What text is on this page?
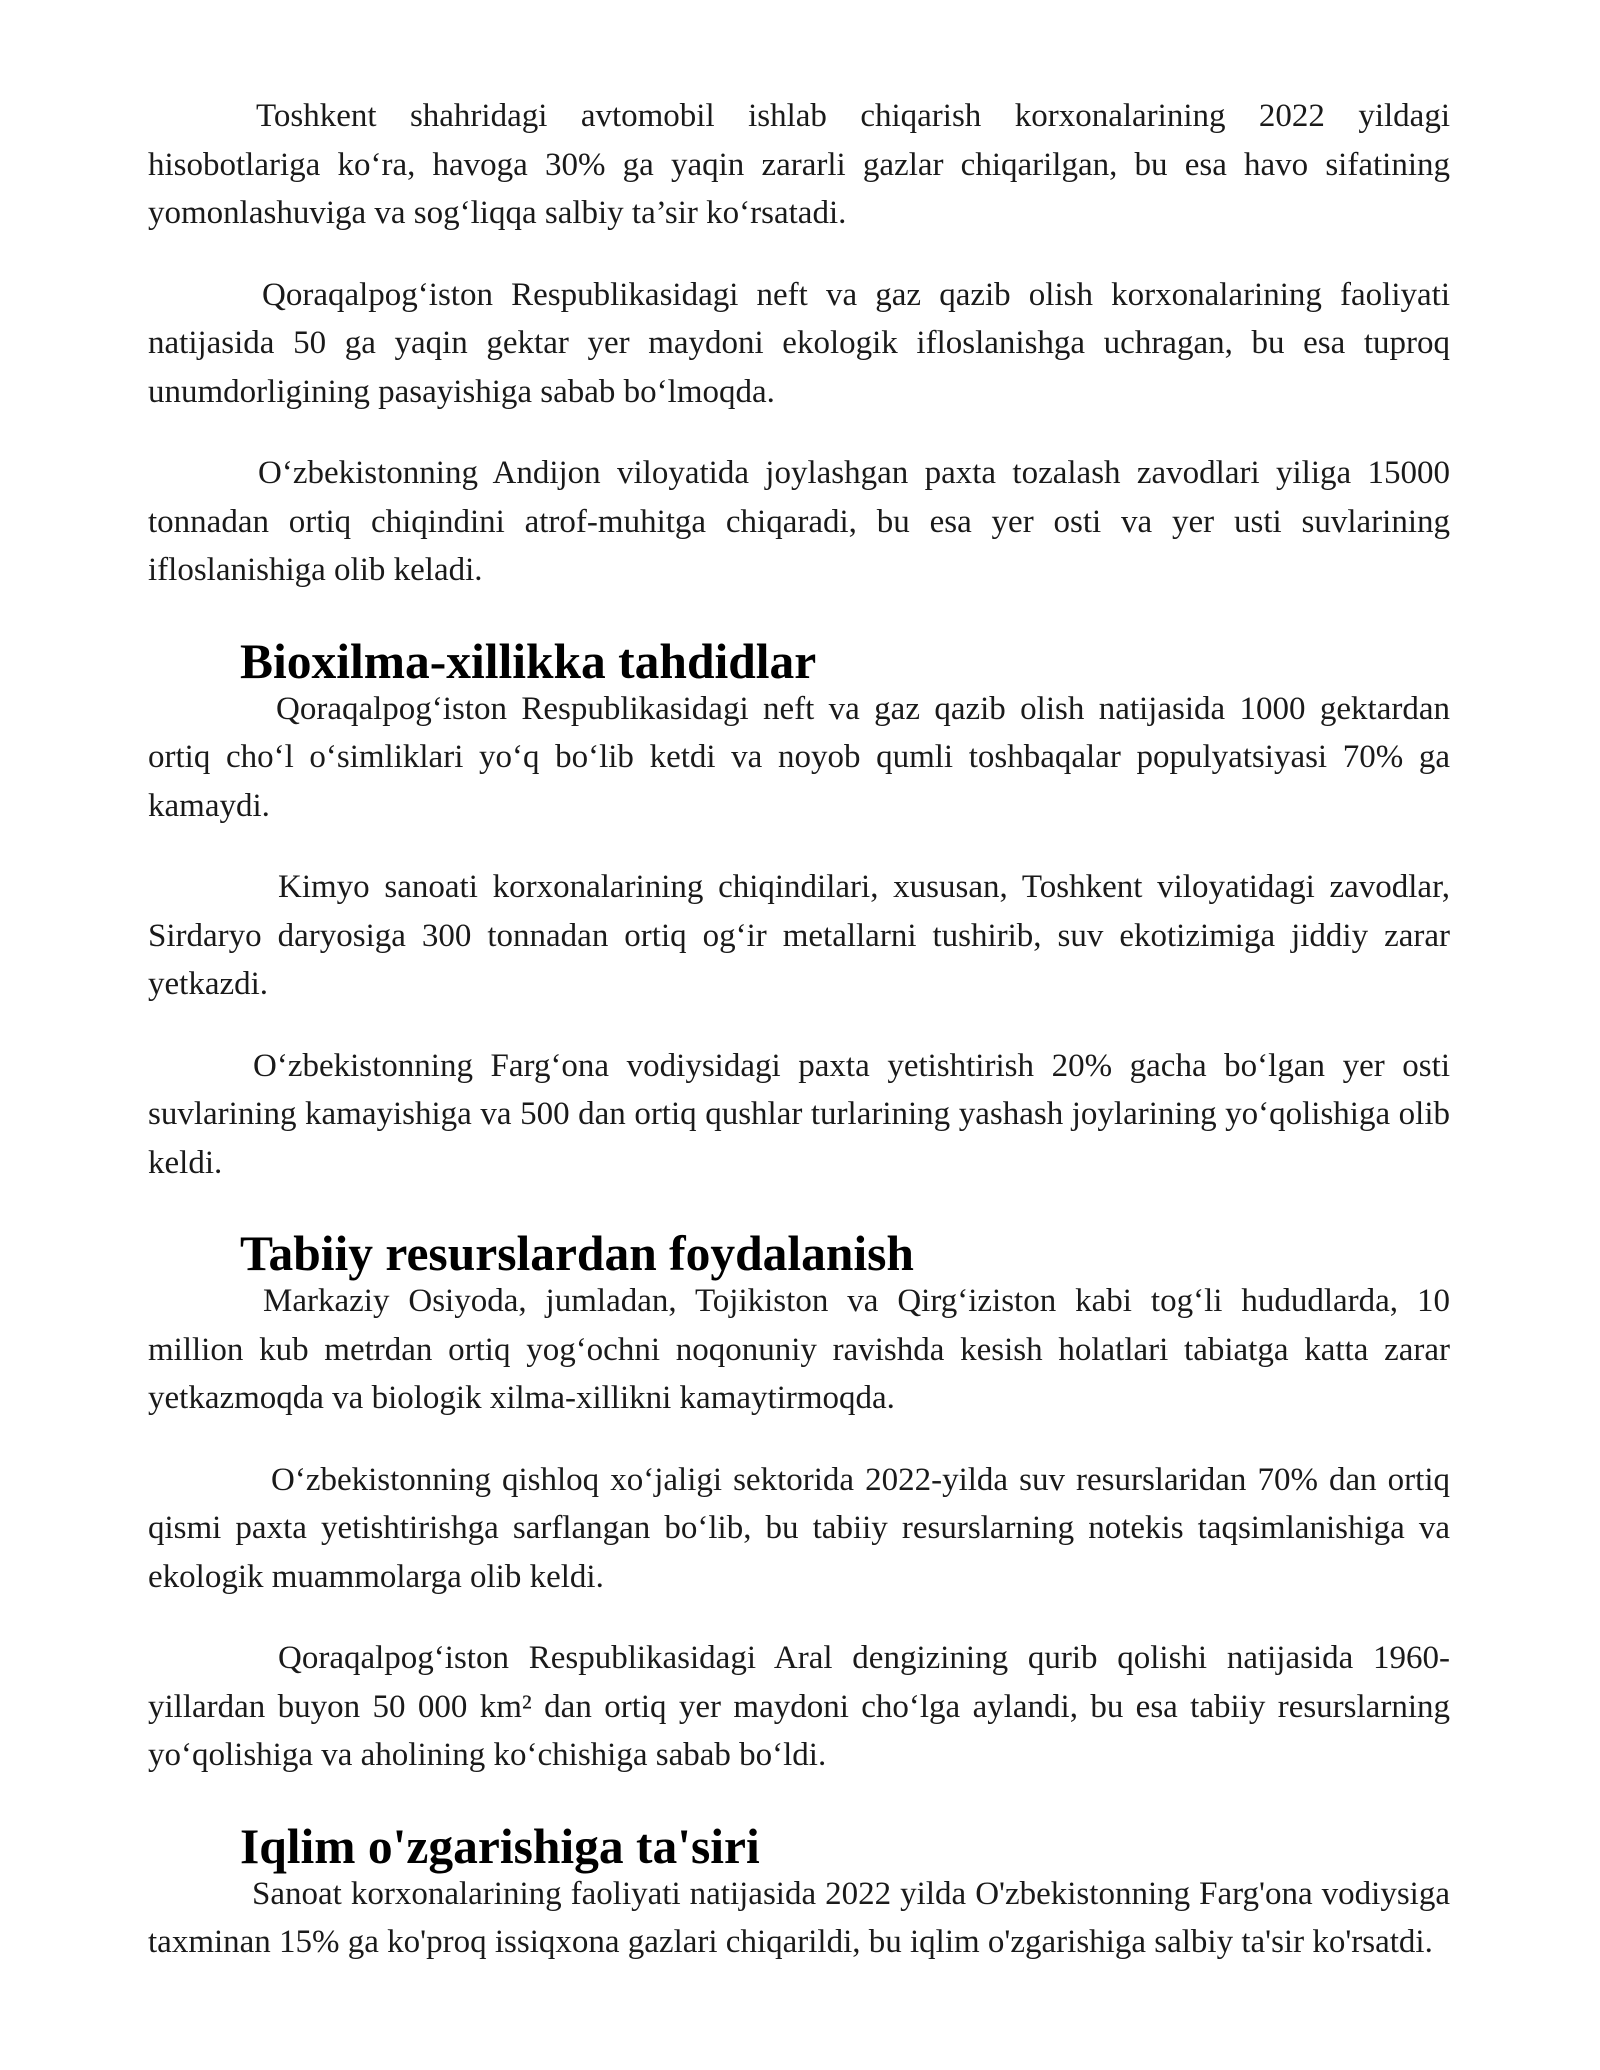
Toshkent shahridagi avtomobil ishlab chiqarish korxonalarining 2022 yildagi hisobotlariga ko‘ra, havoga 30% ga yaqin zararli gazlar chiqarilgan, bu esa havo sifatining yomonlashuviga va sog‘liqqa salbiy ta’sir ko‘rsatadi.

Qoraqalpog‘iston Respublikasidagi neft va gaz qazib olish korxonalarining faoliyati natijasida 50 ga yaqin gektar yer maydoni ekologik ifloslanishga uchragan, bu esa tuproq unumdorligining pasayishiga sabab bo‘lmoqda.

O‘zbekistonning Andijon viloyatida joylashgan paxta tozalash zavodlari yiliga 15000 tonnadan ortiq chiqindini atrof-muhitga chiqaradi, bu esa yer osti va yer usti suvlarining ifloslanishiga olib keladi.

Bioxilma-xillikka tahdidlar

Qoraqalpog‘iston Respublikasidagi neft va gaz qazib olish natijasida 1000 gektardan ortiq cho‘l o‘simliklari yo‘q bo‘lib ketdi va noyob qumli toshbaqalar populyatsiyasi 70% ga kamaydi.

Kimyo sanoati korxonalarining chiqindilari, xususan, Toshkent viloyatidagi zavodlar, Sirdaryo daryosiga 300 tonnadan ortiq og‘ir metallarni tushirib, suv ekotizimiga jiddiy zarar yetkazdi.

O‘zbekistonning Farg‘ona vodiysidagi paxta yetishtirish 20% gacha bo‘lgan yer osti suvlarining kamayishiga va 500 dan ortiq qushlar turlarining yashash joylarining yo‘qolishiga olib keldi.

Tabiiy resurslardan foydalanish

Markaziy Osiyoda, jumladan, Tojikiston va Qirg‘iziston kabi tog‘li hududlarda, 10 million kub metrdan ortiq yog‘ochni noqonuniy ravishda kesish holatlari tabiatga katta zarar yetkazmoqda va biologik xilma-xillikni kamaytirmoqda.

O‘zbekistonning qishloq xo‘jaligi sektorida 2022-yilda suv resurslaridan 70% dan ortiq qismi paxta yetishtirishga sarflangan bo‘lib, bu tabiiy resurslarning notekis taqsimlanishiga va ekologik muammolarga olib keldi.

Qoraqalpog‘iston Respublikasidagi Aral dengizining qurib qolishi natijasida 1960-yillardan buyon 50 000 km² dan ortiq yer maydoni cho‘lga aylandi, bu esa tabiiy resurslarning yo‘qolishiga va aholining ko‘chishiga sabab bo‘ldi.

Iqlim o'zgarishiga ta'siri

Sanoat korxonalarining faoliyati natijasida 2022 yilda O'zbekistonning Farg'ona vodiysiga taxminan 15% ga ko'proq issiqxona gazlari chiqarildi, bu iqlim o'zgarishiga salbiy ta'sir ko'rsatdi.
